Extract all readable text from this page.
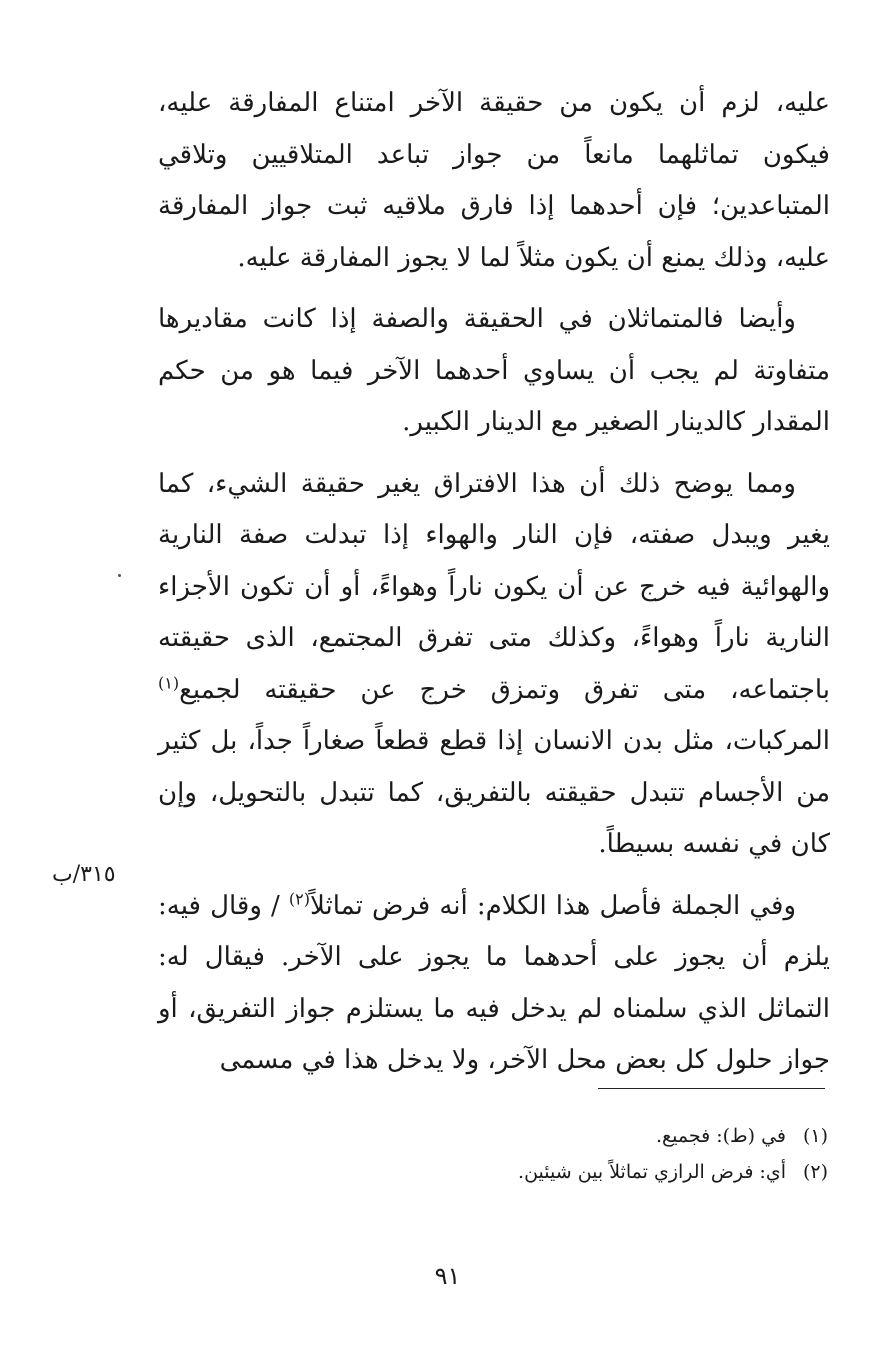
عليه، لزم أن يكون من حقيقة الآخر امتناع المفارقة عليه، فيكون تماثلهما مانعاً من جواز تباعد المتلاقيين وتلاقي المتباعدين؛ فإن أحدهما إذا فارق ملاقيه ثبت جواز المفارقة عليه، وذلك يمنع أن يكون مثلاً لما لا يجوز المفارقة عليه.

وأيضا فالمتماثلان في الحقيقة والصفة إذا كانت مقاديرها متفاوتة لم يجب أن يساوي أحدهما الآخر فيما هو من حكم المقدار كالدينار الصغير مع الدينار الكبير.

ومما يوضح ذلك أن هذا الافتراق يغير حقيقة الشيء، كما يغير ويبدل صفته، فإن النار والهواء إذا تبدلت صفة النارية والهوائية فيه خرج عن أن يكون ناراً وهواءً، أو أن تكون الأجزاء النارية ناراً وهواءً، وكذلك متى تفرق المجتمع، الذى حقيقته باجتماعه، متى تفرق وتمزق خرج عن حقيقته لجميع$^{(١)}$ المركبات، مثل بدن الانسان إذا قطع قطعاً صغاراً جداً، بل كثير من الأجسام تتبدل حقيقته بالتفريق، كما تتبدل بالتحويل، وإن كان في نفسه بسيطاً.

وفي الجملة فأصل هذا الكلام: أنه فرض تماثلاً$^{(٢)}$ / وقال فيه: يلزم أن يجوز على أحدهما ما يجوز على الآخر. فيقال له: التماثل الذي سلمناه لم يدخل فيه ما يستلزم جواز التفريق، أو جواز حلول كل بعض محل الآخر، ولا يدخل هذا في مسمى

٣١٥/ب
(١)في (ط): فجميع.
(٢)أي: فرض الرازي تماثلاً بين شيئين.
٩١
